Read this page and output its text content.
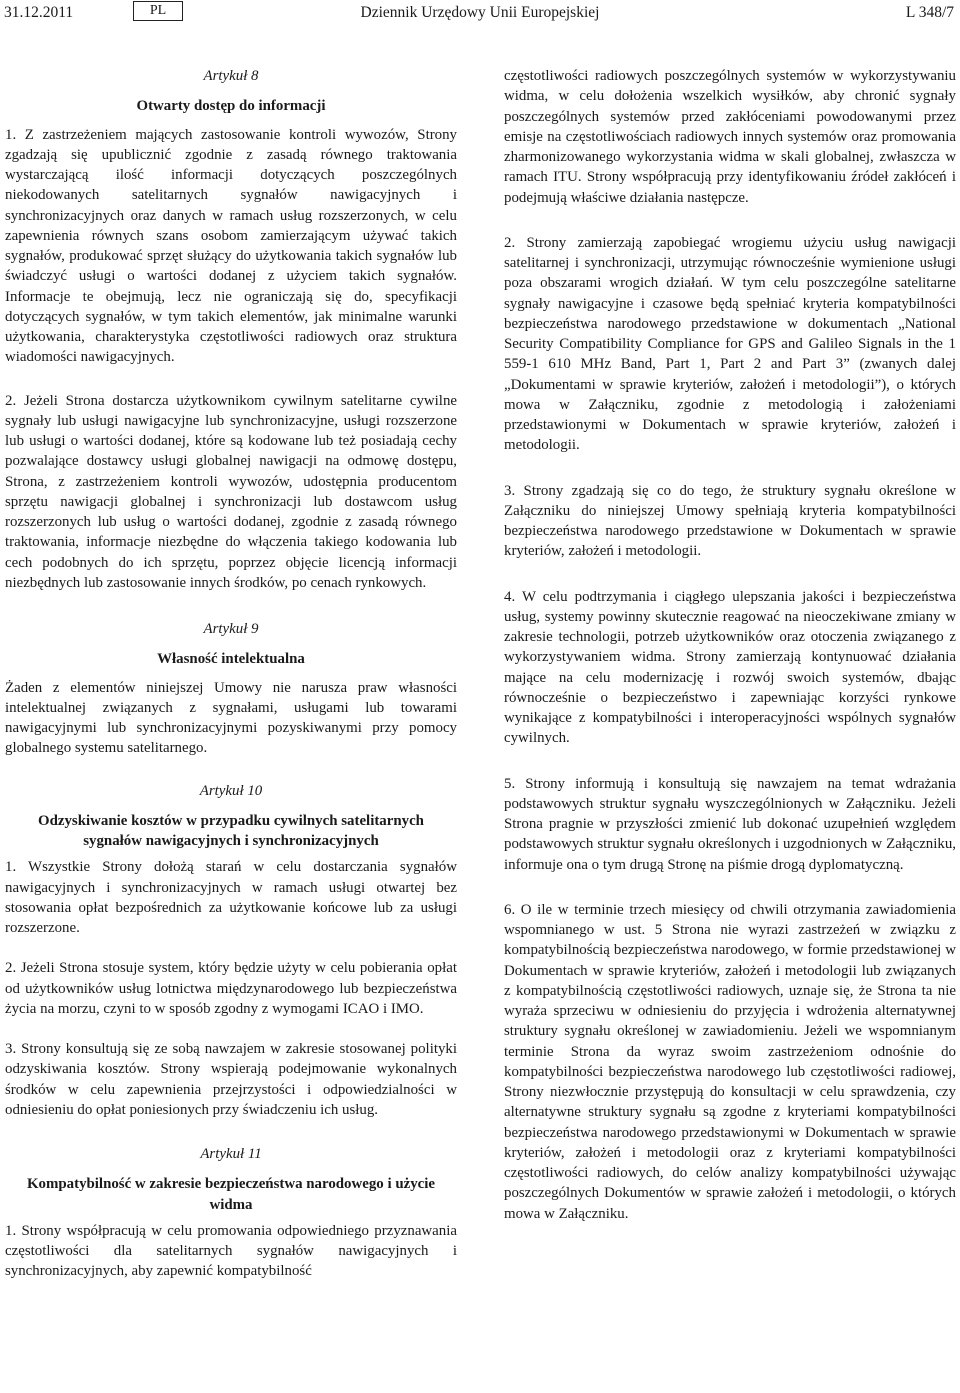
31.12.2011	PL	Dziennik Urzędowy Unii Europejskiej	L 348/7
Artykuł 8
Otwarty dostęp do informacji

1. Z zastrzeżeniem mających zastosowanie kontroli wywozów, Strony zgadzają się upublicznić zgodnie z zasadą równego traktowania wystarczającą ilość informacji dotyczących poszczególnych niekodowanych satelitarnych sygnałów nawigacyjnych i synchronizacyjnych oraz danych w ramach usług rozszerzonych, w celu zapewnienia równych szans osobom zamierzającym używać takich sygnałów, produkować sprzęt służący do użytkowania takich sygnałów lub świadczyć usługi o wartości dodanej z użyciem takich sygnałów. Informacje te obejmują, lecz nie ograniczają się do, specyfikacji dotyczących sygnałów, w tym takich elementów, jak minimalne warunki użytkowania, charakterystyka częstotliwości radiowych oraz struktura wiadomości nawigacyjnych.

2. Jeżeli Strona dostarcza użytkownikom cywilnym satelitarne cywilne sygnały lub usługi nawigacyjne lub synchronizacyjne, usługi rozszerzone lub usługi o wartości dodanej, które są kodowane lub też posiadają cechy pozwalające dostawcy usługi globalnej nawigacji na odmowę dostępu, Strona, z zastrzeżeniem kontroli wywozów, udostępnia producentom sprzętu nawigacji globalnej i synchronizacji lub dostawcom usług rozszerzonych lub usług o wartości dodanej, zgodnie z zasadą równego traktowania, informacje niezbędne do włączenia takiego kodowania lub cech podobnych do ich sprzętu, poprzez objęcie licencją informacji niezbędnych lub zastosowanie innych środków, po cenach rynkowych.

Artykuł 9
Własność intelektualna

Żaden z elementów niniejszej Umowy nie narusza praw własności intelektualnej związanych z sygnałami, usługami lub towarami nawigacyjnymi lub synchronizacyjnymi pozyskiwanymi przy pomocy globalnego systemu satelitarnego.

Artykuł 10
Odzyskiwanie kosztów w przypadku cywilnych satelitarnych sygnałów nawigacyjnych i synchronizacyjnych

1. Wszystkie Strony dołożą starań w celu dostarczania sygnałów nawigacyjnych i synchronizacyjnych w ramach usługi otwartej bez stosowania opłat bezpośrednich za użytkowanie końcowe lub za usługi rozszerzone.

2. Jeżeli Strona stosuje system, który będzie użyty w celu pobierania opłat od użytkowników usług lotnictwa międzynarodowego lub bezpieczeństwa życia na morzu, czyni to w sposób zgodny z wymogami ICAO i IMO.

3. Strony konsultują się ze sobą nawzajem w zakresie stosowanej polityki odzyskiwania kosztów. Strony wspierają podejmowanie wykonalnych środków w celu zapewnienia przejrzystości i odpowiedzialności w odniesieniu do opłat poniesionych przy świadczeniu ich usług.

Artykuł 11
Kompatybilność w zakresie bezpieczeństwa narodowego i użycie widma

1. Strony współpracują w celu promowania odpowiedniego przyznawania częstotliwości dla satelitarnych sygnałów nawigacyjnych i synchronizacyjnych, aby zapewnić kompatybilność

częstotliwości radiowych poszczególnych systemów w wykorzystywaniu widma, w celu dołożenia wszelkich wysiłków, aby chronić sygnały poszczególnych systemów przed zakłóceniami powodowanymi przez emisje na częstotliwościach radiowych innych systemów oraz promowania zharmonizowanego wykorzystania widma w skali globalnej, zwłaszcza w ramach ITU. Strony współpracują przy identyfikowaniu źródeł zakłóceń i podejmują właściwe działania następcze.

2. Strony zamierzają zapobiegać wrogiemu użyciu usług nawigacji satelitarnej i synchronizacji, utrzymując równocześnie wymienione usługi poza obszarami wrogich działań. W tym celu poszczególne satelitarne sygnały nawigacyjne i czasowe będą spełniać kryteria kompatybilności bezpieczeństwa narodowego przedstawione w dokumentach „National Security Compatibility Compliance for GPS and Galileo Signals in the 1 559-1 610 MHz Band, Part 1, Part 2 and Part 3” (zwanych dalej „Dokumentami w sprawie kryteriów, założeń i metodologii”), o których mowa w Załączniku, zgodnie z metodologią i założeniami przedstawionymi w Dokumentach w sprawie kryteriów, założeń i metodologii.

3. Strony zgadzają się co do tego, że struktury sygnału określone w Załączniku do niniejszej Umowy spełniają kryteria kompatybilności bezpieczeństwa narodowego przedstawione w Dokumentach w sprawie kryteriów, założeń i metodologii.

4. W celu podtrzymania i ciągłego ulepszania jakości i bezpieczeństwa usług, systemy powinny skutecznie reagować na nieoczekiwane zmiany w zakresie technologii, potrzeb użytkowników oraz otoczenia związanego z wykorzystywaniem widma. Strony zamierzają kontynuować działania mające na celu modernizację i rozwój swoich systemów, dbając równocześnie o bezpieczeństwo i zapewniając korzyści rynkowe wynikające z kompatybilności i interoperacyjności wspólnych sygnałów cywilnych.

5. Strony informują i konsultują się nawzajem na temat wdrażania podstawowych struktur sygnału wyszczególnionych w Załączniku. Jeżeli Strona pragnie w przyszłości zmienić lub dokonać uzupełnień względem podstawowych struktur sygnału określonych i uzgodnionych w Załączniku, informuje ona o tym drugą Stronę na piśmie drogą dyplomatyczną.

6. O ile w terminie trzech miesięcy od chwili otrzymania zawiadomienia wspomnianego w ust. 5 Strona nie wyrazi zastrzeżeń w związku z kompatybilnością bezpieczeństwa narodowego, w formie przedstawionej w Dokumentach w sprawie kryteriów, założeń i metodologii lub związanych z kompatybilnością częstotliwości radiowych, uznaje się, że Strona ta nie wyraża sprzeciwu w odniesieniu do przyjęcia i wdrożenia alternatywnej struktury sygnału określonej w zawiadomieniu. Jeżeli we wspomnianym terminie Strona da wyraz swoim zastrzeżeniom odnośnie do kompatybilności bezpieczeństwa narodowego lub częstotliwości radiowej, Strony niezwłocznie przystępują do konsultacji w celu sprawdzenia, czy alternatywne struktury sygnału są zgodne z kryteriami kompatybilności bezpieczeństwa narodowego przedstawionymi w Dokumentach w sprawie kryteriów, założeń i metodologii oraz z kryteriami kompatybilności częstotliwości radiowych, do celów analizy kompatybilności używając poszczególnych Dokumentów w sprawie założeń i metodologii, o których mowa w Załączniku.
